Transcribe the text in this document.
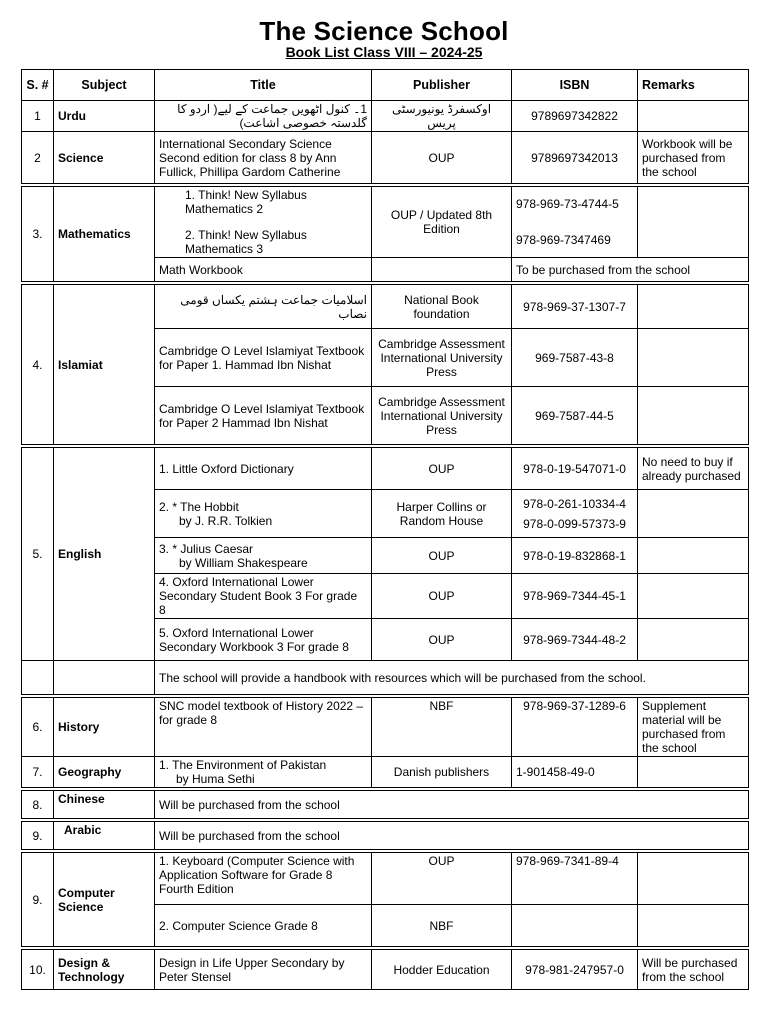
The Science School
Book List Class VIII – 2024-25
S. #	Subject	Title	Publisher	ISBN	Remarks
1	Urdu	1۔ کنول اٹھویں جماعت کے لیے( اردو کا گلدستہ خصوصی اشاعت)	اوکسفرڈ یونیورسٹی پریس	9789697342822	
2	Science	International Secondary Science Second edition for class 8 by Ann Fullick, Phillipa Gardom Catherine	OUP	9789697342013	Workbook will be purchased from the school

3.	Mathematics	1. Think! New Syllabus Mathematics 2
2. Think! New Syllabus Mathematics 3	OUP / Updated 8th Edition	978-969-73-4744-5
978-969-7347469	

		Math Workbook		To be purchased from the school	

4.	Islamiat	اسلامیات جماعت ہشتم یکساں قومی نصاب	National Book foundation	978-969-37-1307-7	
		Cambridge O Level Islamiyat Textbook for Paper 1. Hammad Ibn Nishat	Cambridge Assessment International University Press	969-7587-43-8	
		Cambridge O Level Islamiyat Textbook for Paper 2 Hammad Ibn Nishat	Cambridge Assessment International University Press	969-7587-44-5	

5.	English	1. Little Oxford Dictionary	OUP	978-0-19-547071-0	No need to buy if already purchased

		2. * The Hobbit
by J. R.R. Tolkien	Harper Collins or Random House	978-0-261-10334-4
978-0-099-57373-9	

		3. * Julius Caesar
by William Shakespeare	OUP	978-0-19-832868-1	
		4. Oxford International Lower Secondary Student Book 3 For grade 8	OUP	978-969-7344-45-1	
		5. Oxford International Lower Secondary Workbook 3 For grade 8	OUP	978-969-7344-48-2	
		The school will provide a handbook with resources which will be purchased from the school.			

6.	History	SNC model textbook of History 2022 – for grade 8	NBF	978-969-37-1289-6	Supplement material will be purchased from the school
7.	Geography	1. The Environment of Pakistan
by Huma Sethi	Danish publishers	1-901458-49-0	

8.	Chinese	Will be purchased from the school			

9.	Arabic	Will be purchased from the school			

9.	Computer Science	1. Keyboard (Computer Science with Application Software for Grade 8 Fourth Edition	OUP	978-969-7341-89-4	
		2. Computer Science Grade 8	NBF		

10.	Design & Technology	Design in Life Upper Secondary by Peter Stensel	Hodder Education	978-981-247957-0	Will be purchased from the school
